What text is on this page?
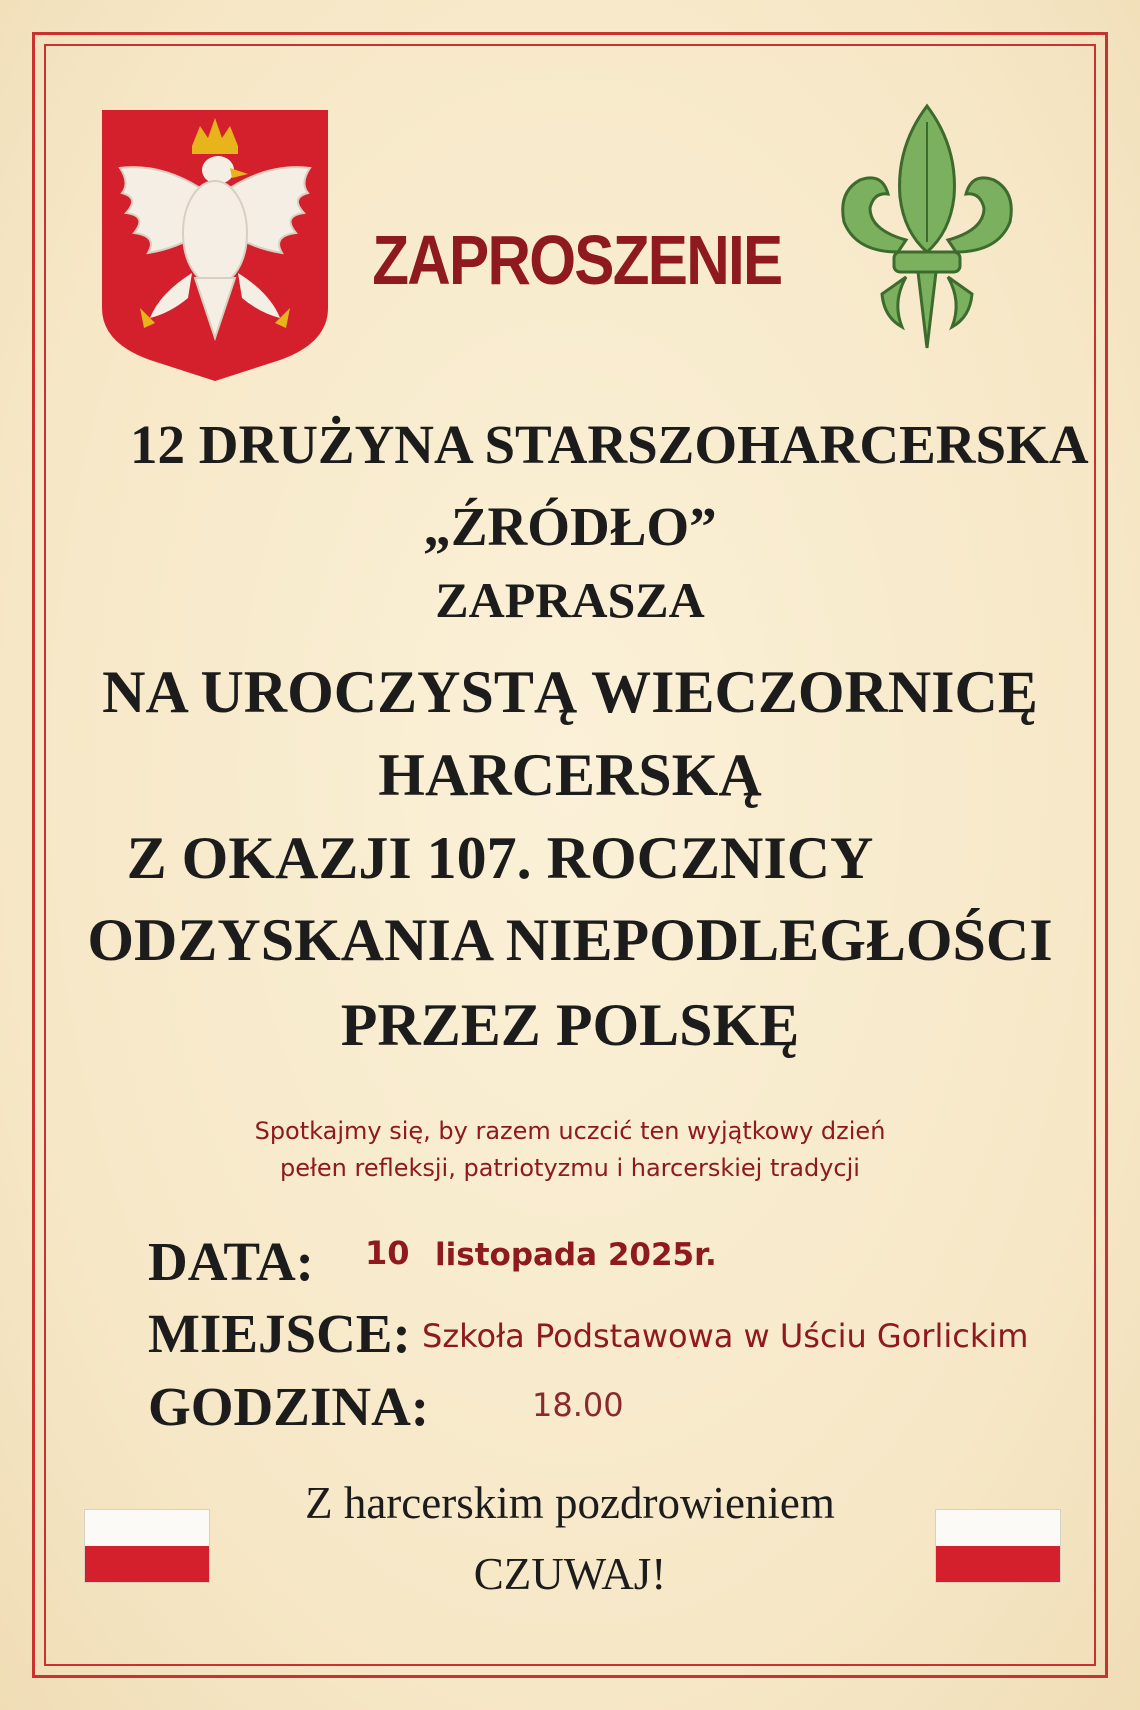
ZAPROSZENIE
12 DRUŻYNA STARSZOHARCERSKA
„ŹRÓDŁO”
ZAPRASZA
NA UROCZYSTĄ WIECZORNICĘ
HARCERSKĄ
Z OKAZJI 107. ROCZNICY
ODZYSKANIA NIEPODLEGŁOŚCI
PRZEZ POLSKĘ
Spotkajmy się, by razem uczcić ten wyjątkowy dzień
pełen refleksji, patriotyzmu i harcerskiej tradycji
DATA: 10 listopada 2025r.
MIEJSCE: Szkoła Podstawowa w Uściu Gorlickim
GODZINA:	18.00
Z harcerskim pozdrowieniem
CZUWAJ!
